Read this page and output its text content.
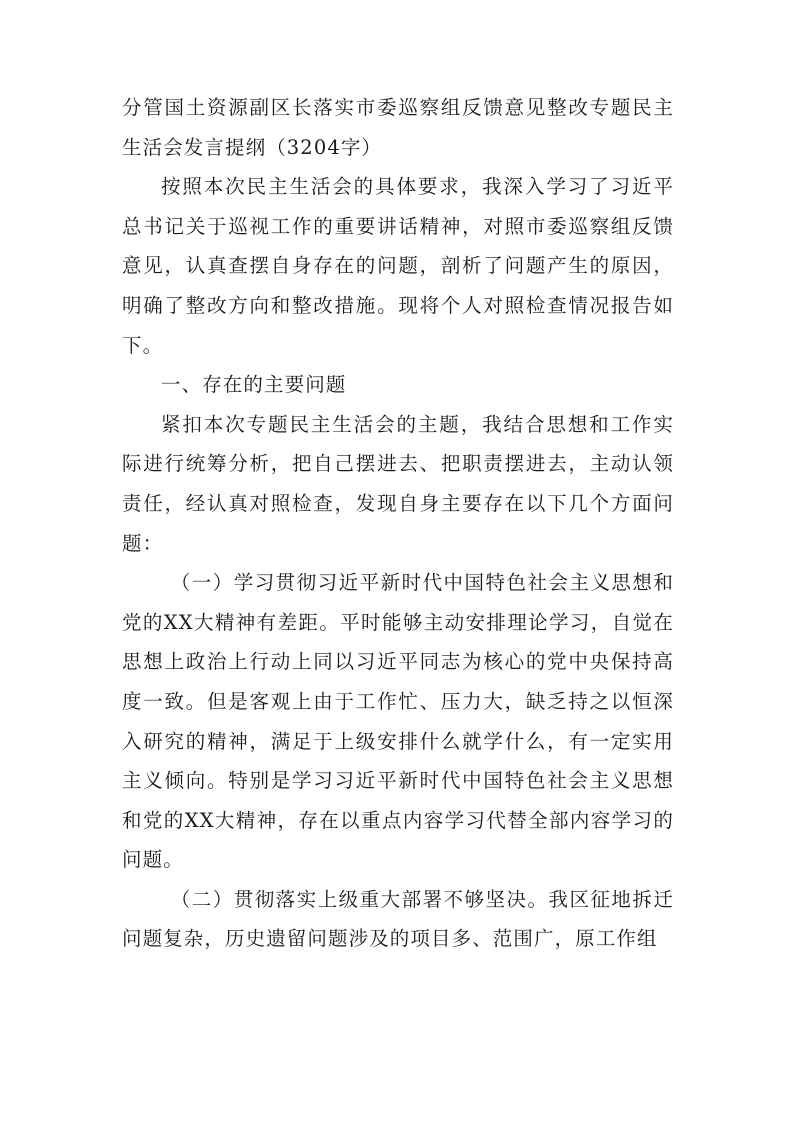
分管国土资源副区长落实市委巡察组反馈意见整改专题民主生活会发言提纲（3204字）

按照本次民主生活会的具体要求，我深入学习了习近平总书记关于巡视工作的重要讲话精神，对照市委巡察组反馈意见，认真查摆自身存在的问题，剖析了问题产生的原因，明确了整改方向和整改措施。现将个人对照检查情况报告如下。

一、存在的主要问题

紧扣本次专题民主生活会的主题，我结合思想和工作实际进行统筹分析，把自己摆进去、把职责摆进去，主动认领责任，经认真对照检查，发现自身主要存在以下几个方面问题：

（一）学习贯彻习近平新时代中国特色社会主义思想和党的XX大精神有差距。平时能够主动安排理论学习，自觉在思想上政治上行动上同以习近平同志为核心的党中央保持高度一致。但是客观上由于工作忙、压力大，缺乏持之以恒深入研究的精神，满足于上级安排什么就学什么，有一定实用主义倾向。特别是学习习近平新时代中国特色社会主义思想和党的XX大精神，存在以重点内容学习代替全部内容学习的问题。

（二）贯彻落实上级重大部署不够坚决。我区征地拆迁问题复杂，历史遗留问题涉及的项目多、范围广，原工作组
